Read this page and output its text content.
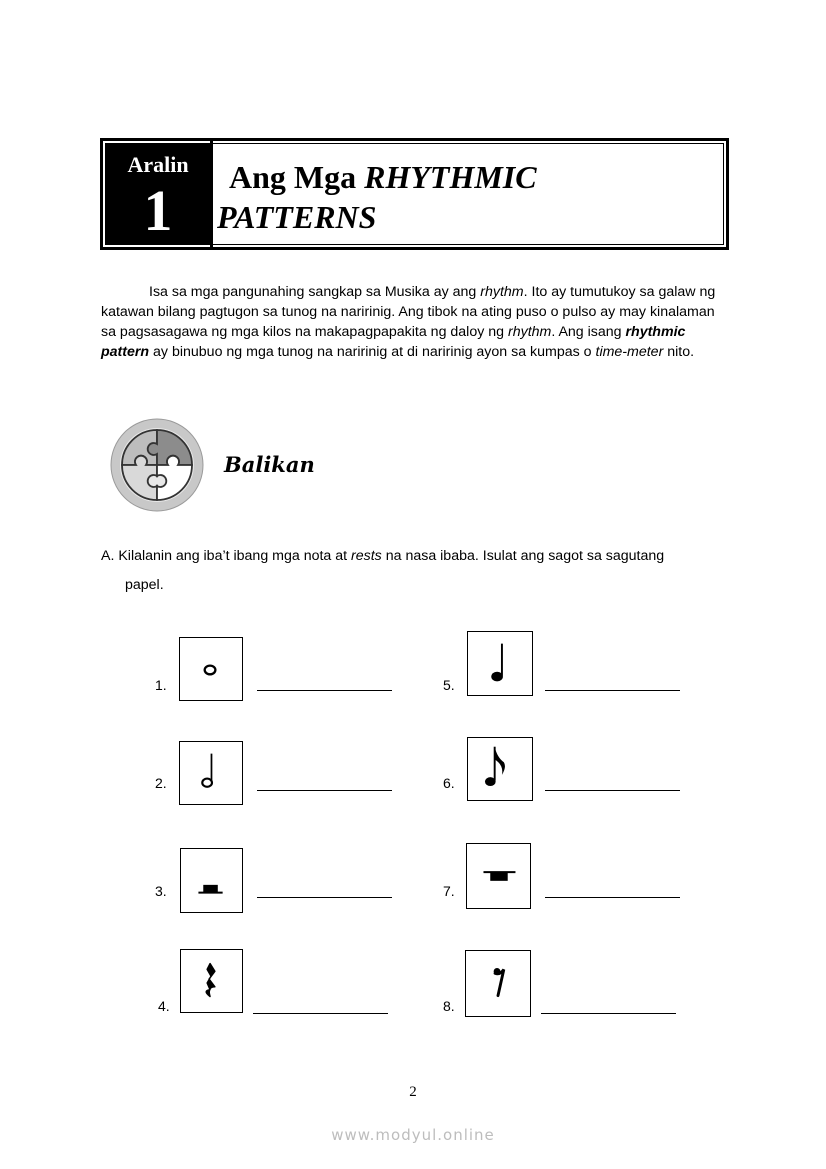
Aralin
1
Ang Mga RHYTHMIC
PATTERNS
Isa sa mga pangunahing sangkap sa Musika ay ang rhythm. Ito ay tumutukoy sa galaw ng katawan bilang pagtugon sa tunog na naririnig. Ang tibok na ating puso o pulso ay may kinalaman sa pagsasagawa ng mga kilos na makapagpapakita ng daloy ng rhythm. Ang isang rhythmic pattern ay binubuo ng mga tunog na naririnig at di naririnig ayon sa kumpas o time-meter nito.
Balikan
A. Kilalanin ang iba’t ibang mga nota at rests na nasa ibaba. Isulat ang sagot sa sagutang
papel.
1.
2.
3.
4.
5.
6.
7.
8.
2
www.modyul.online
